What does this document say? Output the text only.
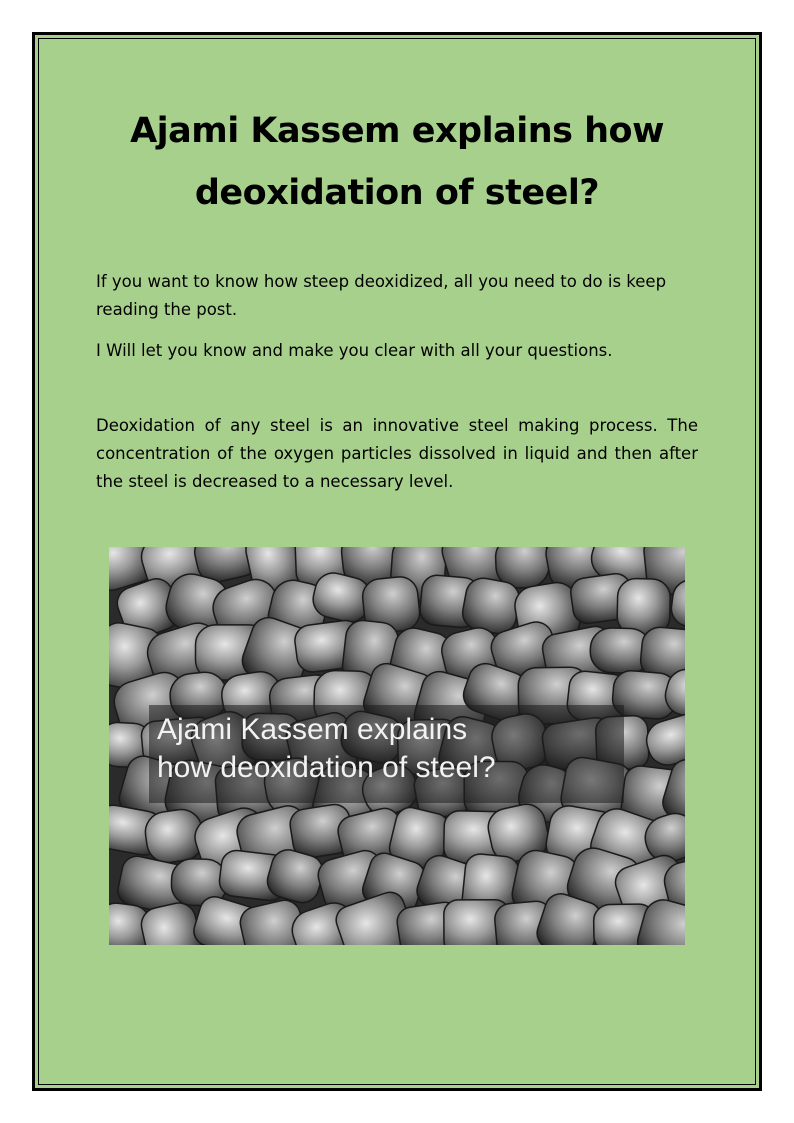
Ajami Kassem explains how deoxidation of steel?

If you want to know how steep deoxidized, all you need to do is keep reading the post.

I Will let you know and make you clear with all your questions.

Deoxidation of any steel is an innovative steel making process. The concentration of the oxygen particles dissolved in liquid and then after the steel is decreased to a necessary level.

Ajami Kassem explains
how deoxidation of steel?
